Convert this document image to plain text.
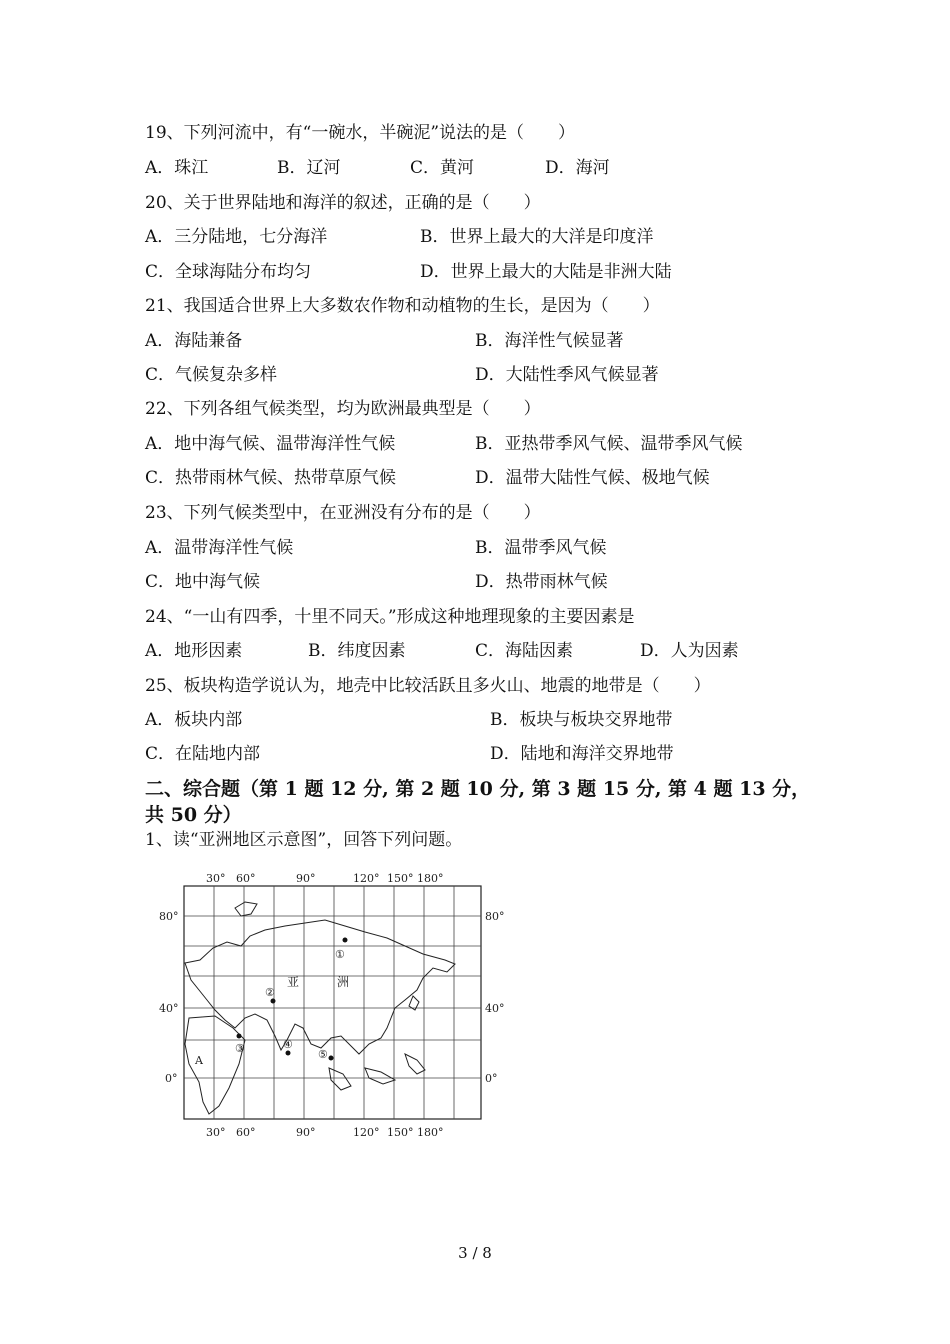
19、下列河流中，有“一碗水，半碗泥”说法的是（　　）
A．珠江	B．辽河	C．黄河	D．海河
20、关于世界陆地和海洋的叙述，正确的是（　　）
A．三分陆地，七分海洋	B．世界上最大的大洋是印度洋
C．全球海陆分布均匀	D．世界上最大的大陆是非洲大陆
21、我国适合世界上大多数农作物和动植物的生长，是因为（　　）
A．海陆兼备	B．海洋性气候显著
C．气候复杂多样	D．大陆性季风气候显著
22、下列各组气候类型，均为欧洲最典型是（　　）
A．地中海气候、温带海洋性气候	B．亚热带季风气候、温带季风气候
C．热带雨林气候、热带草原气候	D．温带大陆性气候、极地气候
23、下列气候类型中，在亚洲没有分布的是（　　）
A．温带海洋性气候	B．温带季风气候
C．地中海气候	D．热带雨林气候
24、“一山有四季，十里不同天。”形成这种地理现象的主要因素是
A．地形因素	B．纬度因素	C．海陆因素	D．人为因素
25、板块构造学说认为，地壳中比较活跃且多火山、地震的地带是（　　）
A．板块内部	B．板块与板块交界地带
C．在陆地内部	D．陆地和海洋交界地带
二、综合题（第 1 题 12 分, 第 2 题 10 分, 第 3 题 15 分, 第 4 题 13 分，
共 50 分）
1、读“亚洲地区示意图”，回答下列问题。
30° 60°	90°	120° 150° 180°
30° 60°	90°	120° 150° 180°
80°
40°
0°
80°
40°
0°
亚	洲
A
①
②
③	④
⑤
3 / 8
